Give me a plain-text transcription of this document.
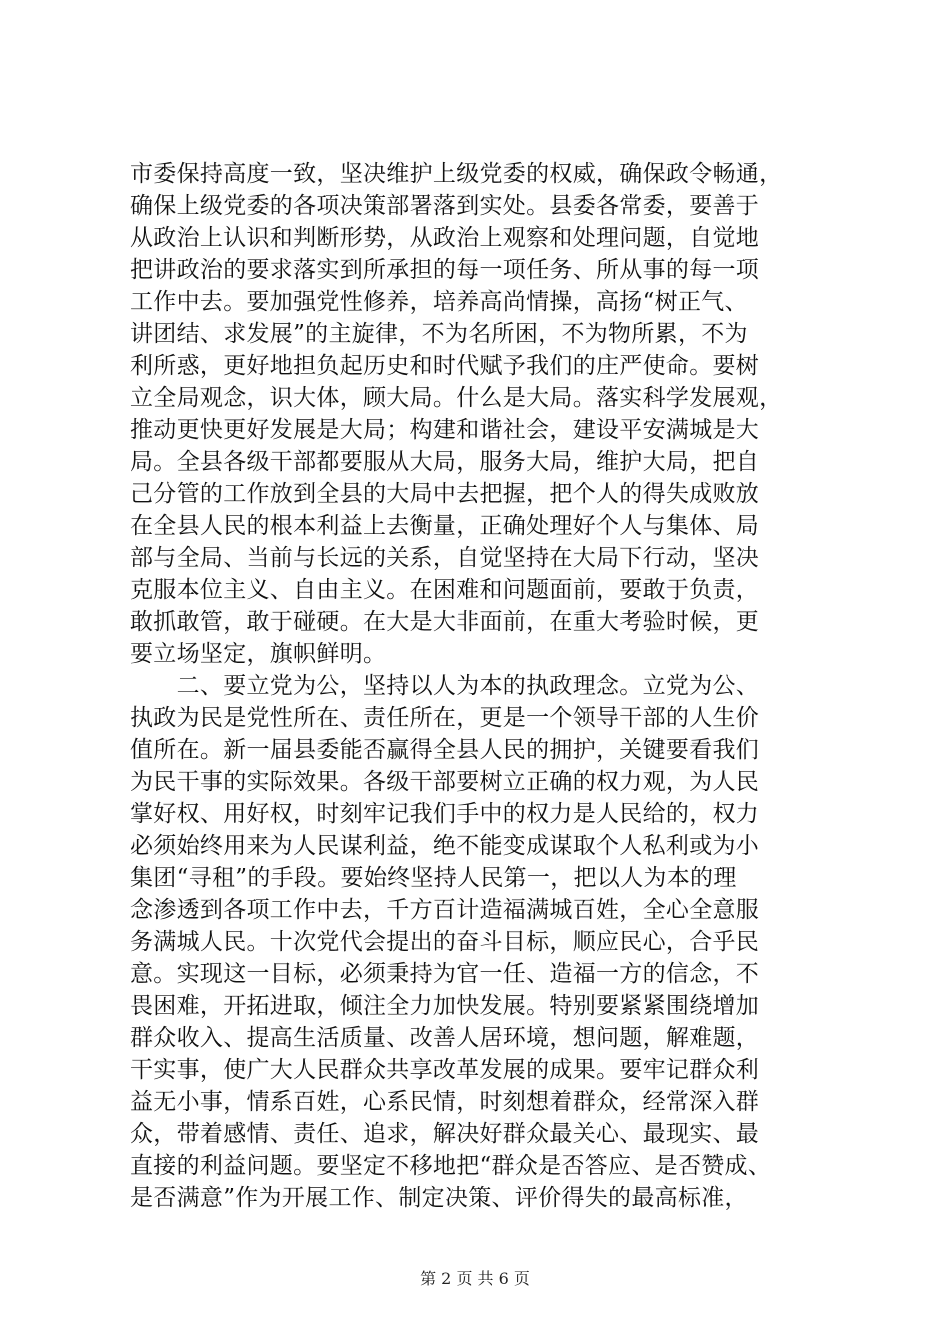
市委保持高度一致，坚决维护上级党委的权威，确保政令畅通，
确保上级党委的各项决策部署落到实处。县委各常委，要善于
从政治上认识和判断形势，从政治上观察和处理问题，自觉地
把讲政治的要求落实到所承担的每一项任务、所从事的每一项
工作中去。要加强党性修养，培养高尚情操，高扬“树正气、
讲团结、求发展”的主旋律，不为名所困，不为物所累，不为
利所惑，更好地担负起历史和时代赋予我们的庄严使命。要树
立全局观念，识大体，顾大局。什么是大局。落实科学发展观，
推动更快更好发展是大局；构建和谐社会，建设平安满城是大
局。全县各级干部都要服从大局，服务大局，维护大局，把自
己分管的工作放到全县的大局中去把握，把个人的得失成败放
在全县人民的根本利益上去衡量，正确处理好个人与集体、局
部与全局、当前与长远的关系，自觉坚持在大局下行动，坚决
克服本位主义、自由主义。在困难和问题面前，要敢于负责，
敢抓敢管，敢于碰硬。在大是大非面前，在重大考验时候，更
要立场坚定，旗帜鲜明。
　　二、要立党为公，坚持以人为本的执政理念。立党为公、
执政为民是党性所在、责任所在，更是一个领导干部的人生价
值所在。新一届县委能否赢得全县人民的拥护，关键要看我们
为民干事的实际效果。各级干部要树立正确的权力观，为人民
掌好权、用好权，时刻牢记我们手中的权力是人民给的，权力
必须始终用来为人民谋利益，绝不能变成谋取个人私利或为小
集团“寻租”的手段。要始终坚持人民第一，把以人为本的理
念渗透到各项工作中去，千方百计造福满城百姓，全心全意服
务满城人民。十次党代会提出的奋斗目标，顺应民心，合乎民
意。实现这一目标，必须秉持为官一任、造福一方的信念，不
畏困难，开拓进取，倾注全力加快发展。特别要紧紧围绕增加
群众收入、提高生活质量、改善人居环境，想问题，解难题，
干实事，使广大人民群众共享改革发展的成果。要牢记群众利
益无小事，情系百姓，心系民情，时刻想着群众，经常深入群
众，带着感情、责任、追求，解决好群众最关心、最现实、最
直接的利益问题。要坚定不移地把“群众是否答应、是否赞成、
是否满意”作为开展工作、制定决策、评价得失的最高标准，
第 2 页 共 6 页
